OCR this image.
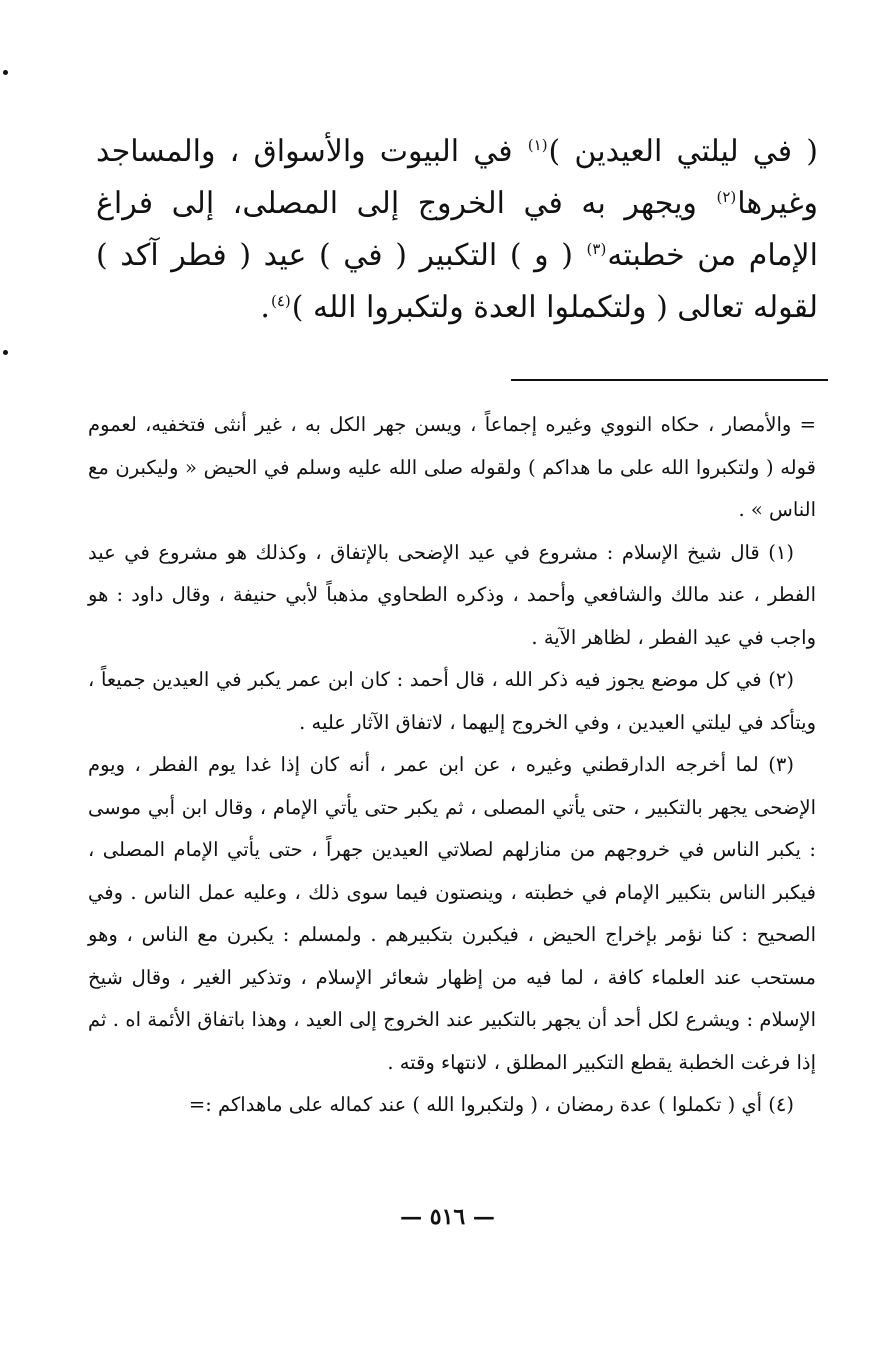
( في ليلتي العيدين )$^{(١)}$ في البيوت والأسواق ، والمساجد وغيرها$^{(٢)}$ ويجهر به في الخروج إلى المصلى، إلى فراغ الإمام من خطبته$^{(٣)}$ ( و ) التكبير ( في ) عيد ( فطر آكد ) لقوله تعالى ( ولتكملوا العدة ولتكبروا الله )$^{(٤)}$.

= والأمصار ، حكاه النووي وغيره إجماعاً ، ويسن جهر الكل به ، غير أنثى فتخفيه، لعموم قوله ( ولتكبروا الله على ما هداكم ) ولقوله صلى الله عليه وسلم في الحيض « وليكبرن مع الناس » .

(١) قال شيخ الإسلام : مشروع في عيد الإضحى بالإتفاق ، وكذلك هو مشروع في عيد الفطر ، عند مالك والشافعي وأحمد ، وذكره الطحاوي مذهباً لأبي حنيفة ، وقال داود : هو واجب في عيد الفطر ، لظاهر الآية .

(٢) في كل موضع يجوز فيه ذكر الله ، قال أحمد : كان ابن عمر يكبر في العيدين جميعاً ، ويتأكد في ليلتي العيدين ، وفي الخروج إليهما ، لاتفاق الآثار عليه .

(٣) لما أخرجه الدارقطني وغيره ، عن ابن عمر ، أنه كان إذا غدا يوم الفطر ، ويوم الإضحى يجهر بالتكبير ، حتى يأتي المصلى ، ثم يكبر حتى يأتي الإمام ، وقال ابن أبي موسى : يكبر الناس في خروجهم من منازلهم لصلاتي العيدين جهراً ، حتى يأتي الإمام المصلى ، فيكبر الناس بتكبير الإمام في خطبته ، وينصتون فيما سوى ذلك ، وعليه عمل الناس . وفي الصحيح : كنا نؤمر بإخراج الحيض ، فيكبرن بتكبيرهم . ولمسلم : يكبرن مع الناس ، وهو مستحب عند العلماء كافة ، لما فيه من إظهار شعائر الإسلام ، وتذكير الغير ، وقال شيخ الإسلام : ويشرع لكل أحد أن يجهر بالتكبير عند الخروج إلى العيد ، وهذا باتفاق الأئمة اه . ثم إذا فرغت الخطبة يقطع التكبير المطلق ، لانتهاء وقته .

(٤) أي ( تكملوا ) عدة رمضان ، ( ولتكبروا الله ) عند كماله على ماهداكم :=

— ٥١٦ —
